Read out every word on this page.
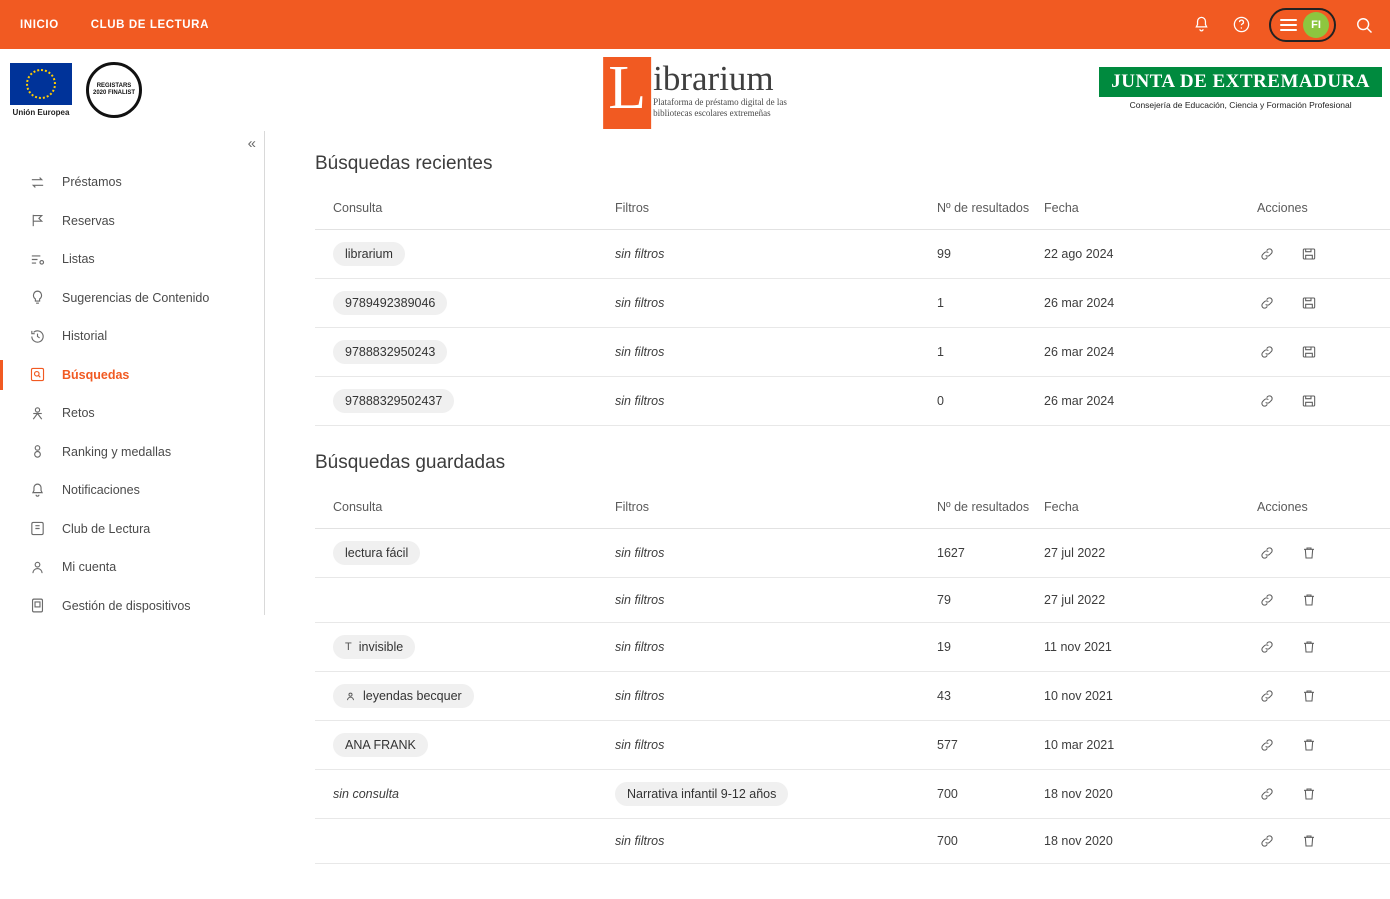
INICIO	CLUB DE LECTURA	FI
Unión Europea
REGISTARS 2020 FINALIST	L ibrarium
Plataforma de préstamo digital de las
bibliotecas escolares extremeñas
JUNTA DE EXTREMADURA
Consejería de Educación, Ciencia y Formación Profesional
«
Préstamos
Reservas
Listas
Sugerencias de Contenido
Historial
Búsquedas
Retos
Ranking y medallas
Notificaciones
Club de Lectura
Mi cuenta
Gestión de dispositivos
Búsquedas recientes
Consulta	Filtros	Nº de resultados	Fecha	Acciones
librarium	sin filtros	99	22 ago 2024	

9789492389046	sin filtros	1	26 mar 2024	

9788832950243	sin filtros	1	26 mar 2024	

97888329502437	sin filtros	0	26 mar 2024	
Búsquedas guardadas
Consulta	Filtros	Nº de resultados	Fecha	Acciones
lectura fácil	sin filtros	1627	27 jul 2022	

	sin filtros	79	27 jul 2022	

T invisible	sin filtros	19	11 nov 2021	

leyendas becquer	sin filtros	43	10 nov 2021	

ANA FRANK	sin filtros	577	10 mar 2021	

sin consulta	Narrativa infantil 9-12 años	700	18 nov 2020	

	sin filtros	700	18 nov 2020	
